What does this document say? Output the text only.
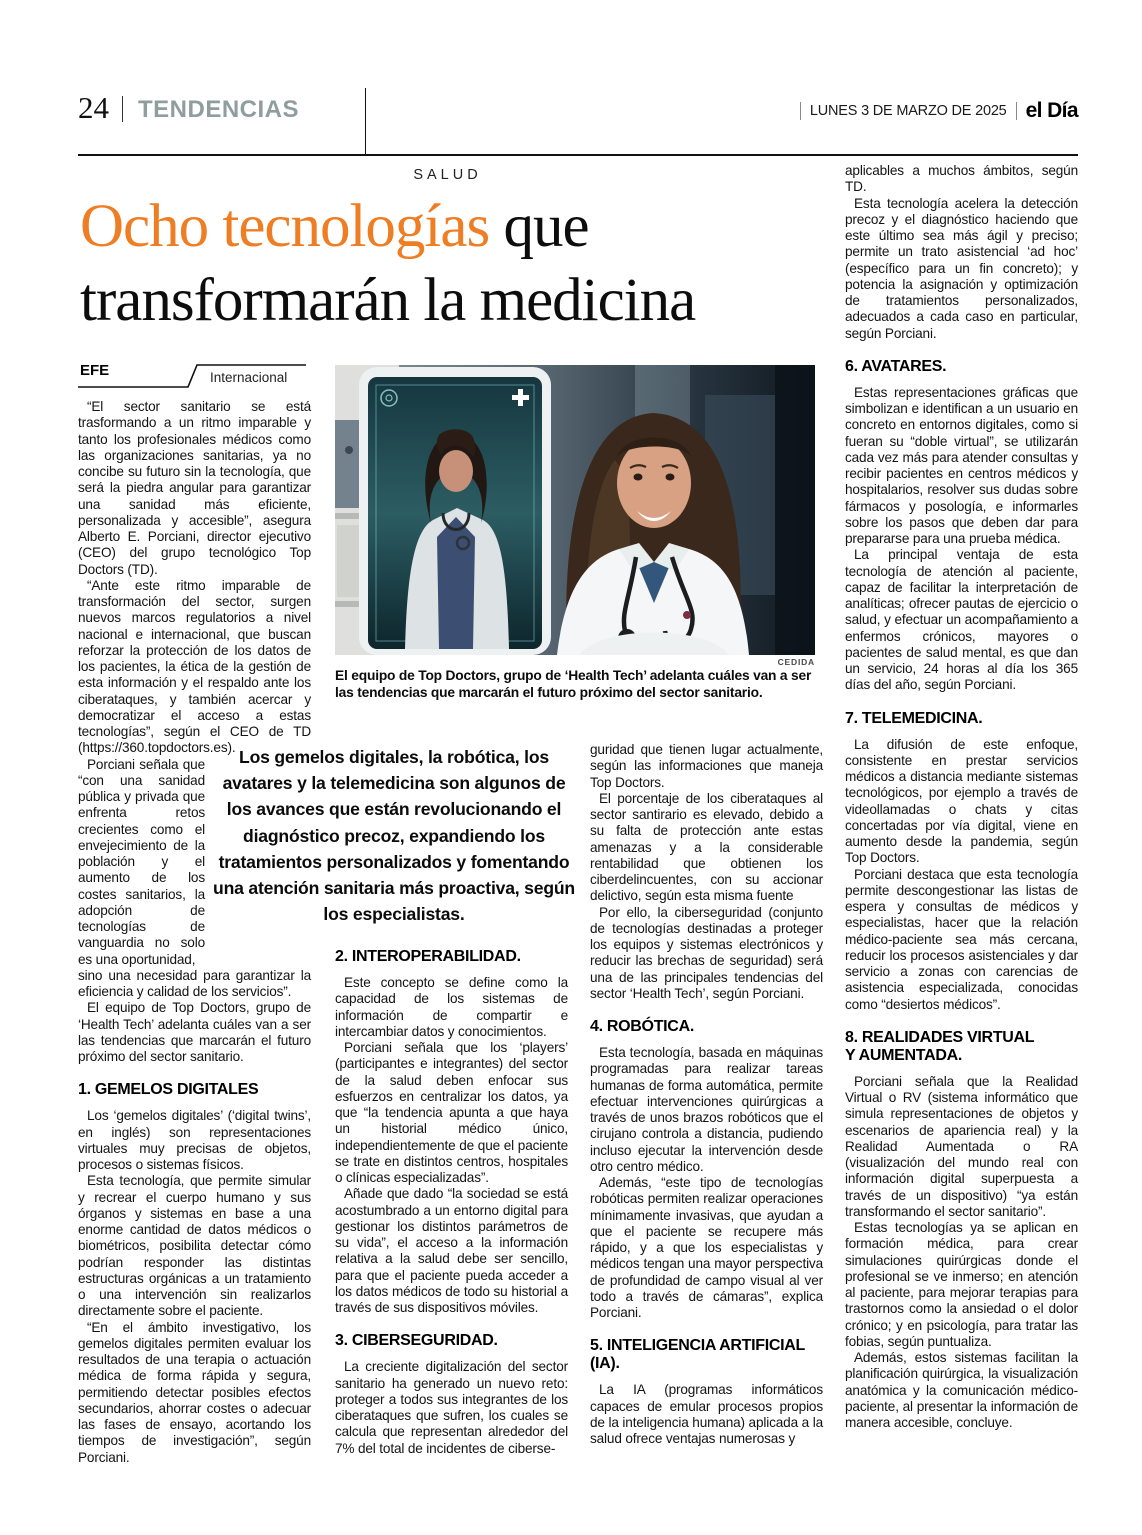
24 TENDENCIAS	LUNES 3 DE MARZO DE 2025 el Día
SALUD
Ocho tecnologías que
transformarán la medicina
EFE	Internacional
CEDIDA
El equipo de Top Doctors, grupo de ‘Health Tech’ adelanta cuáles van a ser las tendencias que marcarán el futuro próximo del sector sanitario.
Los gemelos digitales, la robótica, los avatares y la telemedicina son algunos de los avances que están revolucionando el diagnóstico precoz, expandiendo los tratamientos personalizados y fomentando una atención sanitaria más proactiva, según los especialistas.

“El sector sanitario se está trasformando a un ritmo imparable y tanto los profesionales médicos como las organizaciones sanitarias, ya no concibe su futuro sin la tecnología, que será la piedra angular para garantizar una sanidad más eficiente, personalizada y accesible”, asegura Alberto E. Porciani, director ejecutivo (CEO) del grupo tecnológico Top Doctors (TD).

“Ante este ritmo imparable de transformación del sector, surgen nuevos marcos regulatorios a nivel nacional e internacional, que buscan reforzar la protección de los datos de los pacientes, la ética de la gestión de esta información y el respaldo ante los ciberataques, y también acercar y democratizar el acceso a estas tecnologías”, según el CEO de TD (https://360.topdoctors.es).

Porciani señala que “con una sanidad pública y privada que enfrenta retos crecientes como el envejecimiento de la población y el aumento de los costes sanitarios, la adopción de tecnologías de vanguardia no solo es una oportunidad,

sino una necesidad para garantizar la eficiencia y calidad de los servicios”.

El equipo de Top Doctors, grupo de ‘Health Tech’ adelanta cuáles van a ser las tendencias que marcarán el futuro próximo del sector sanitario.

1. GEMELOS DIGITALES

Los ‘gemelos digitales’ (‘digital twins’, en inglés) son representaciones virtuales muy precisas de objetos, procesos o sistemas físicos.

Esta tecnología, que permite simular y recrear el cuerpo humano y sus órganos y sistemas en base a una enorme cantidad de datos médicos o biométricos, posibilita detectar cómo podrían responder las distintas estructuras orgánicas a un tratamiento o una intervención sin realizarlos directamente sobre el paciente.

“En el ámbito investigativo, los gemelos digitales permiten evaluar los resultados de una terapia o actuación médica de forma rápida y segura, permitiendo detectar posibles efectos secundarios, ahorrar costes o adecuar las fases de ensayo, acortando los tiempos de investigación”, según Porciani.

2. INTEROPERABILIDAD.

Este concepto se define como la capacidad de los sistemas de información de compartir e intercambiar datos y conocimientos.

Porciani señala que los ‘players’ (participantes e integrantes) del sector de la salud deben enfocar sus esfuerzos en centralizar los datos, ya que “la tendencia apunta a que haya un historial médico único, independientemente de que el paciente se trate en distintos centros, hospitales o clínicas especializadas”.

Añade que dado “la sociedad se está acostumbrado a un entorno digital para gestionar los distintos parámetros de su vida”, el acceso a la información relativa a la salud debe ser sencillo, para que el paciente pueda acceder a los datos médicos de todo su historial a través de sus dispositivos móviles.

3. CIBERSEGURIDAD.

La creciente digitalización del sector sanitario ha generado un nuevo reto: proteger a todos sus integrantes de los ciberataques que sufren, los cuales se calcula que representan alrededor del 7% del total de incidentes de ciberse-

guridad que tienen lugar actualmente, según las informaciones que maneja Top Doctors.

El porcentaje de los ciberataques al sector santirario es elevado, debido a su falta de protección ante estas amenazas y a la considerable rentabilidad que obtienen los ciberdelincuentes, con su accionar delictivo, según esta misma fuente

Por ello, la ciberseguridad (conjunto de tecnologías destinadas a proteger los equipos y sistemas electrónicos y reducir las brechas de seguridad) será una de las principales tendencias del sector ‘Health Tech’, según Porciani.

4. ROBÓTICA.

Esta tecnología, basada en máquinas programadas para realizar tareas humanas de forma automática, permite efectuar intervenciones quirúrgicas a través de unos brazos robóticos que el cirujano controla a distancia, pudiendo incluso ejecutar la intervención desde otro centro médico.

Además, “este tipo de tecnologías robóticas permiten realizar operaciones mínimamente invasivas, que ayudan a que el paciente se recupere más rápido, y a que los especialistas y médicos tengan una mayor perspectiva de profundidad de campo visual al ver todo a través de cámaras”, explica Porciani.

5. INTELIGENCIA ARTIFICIAL (IA).

La IA (programas informáticos capaces de emular procesos propios de la inteligencia humana) aplicada a la salud ofrece ventajas numerosas y

aplicables a muchos ámbitos, según TD.

Esta tecnología acelera la detección precoz y el diagnóstico haciendo que este último sea más ágil y preciso; permite un trato asistencial ‘ad hoc’ (específico para un fin concreto); y potencia la asignación y optimización de tratamientos personalizados, adecuados a cada caso en particular, según Porciani.

6. AVATARES.

Estas representaciones gráficas que simbolizan e identifican a un usuario en concreto en entornos digitales, como si fueran su “doble virtual”, se utilizarán cada vez más para atender consultas y recibir pacientes en centros médicos y hospitalarios, resolver sus dudas sobre fármacos y posología, e informarles sobre los pasos que deben dar para prepararse para una prueba médica.

La principal ventaja de esta tecnología de atención al paciente, capaz de facilitar la interpretación de analíticas; ofrecer pautas de ejercicio o salud, y efectuar un acompañamiento a enfermos crónicos, mayores o pacientes de salud mental, es que dan un servicio, 24 horas al día los 365 días del año, según Porciani.

7. TELEMEDICINA.

La difusión de este enfoque, consistente en prestar servicios médicos a distancia mediante sistemas tecnológicos, por ejemplo a través de videollamadas o chats y citas concertadas por vía digital, viene en aumento desde la pandemia, según Top Doctors.

Porciani destaca que esta tecnología permite descongestionar las listas de espera y consultas de médicos y especialistas, hacer que la relación médico-paciente sea más cercana, reducir los procesos asistenciales y dar servicio a zonas con carencias de asistencia especializada, conocidas como “desiertos médicos”.

8. REALIDADES VIRTUAL
Y AUMENTADA.

Porciani señala que la Realidad Virtual o RV (sistema informático que simula representaciones de objetos y escenarios de apariencia real) y la Realidad Aumentada o RA (visualización del mundo real con información digital superpuesta a través de un dispositivo) “ya están transformando el sector sanitario”.

Estas tecnologías ya se aplican en formación médica, para crear simulaciones quirúrgicas donde el profesional se ve inmerso; en atención al paciente, para mejorar terapias para trastornos como la ansiedad o el dolor crónico; y en psicología, para tratar las fobias, según puntualiza.

Además, estos sistemas facilitan la planificación quirúrgica, la visualización anatómica y la comunicación médico-paciente, al presentar la información de manera accesible, concluye.
